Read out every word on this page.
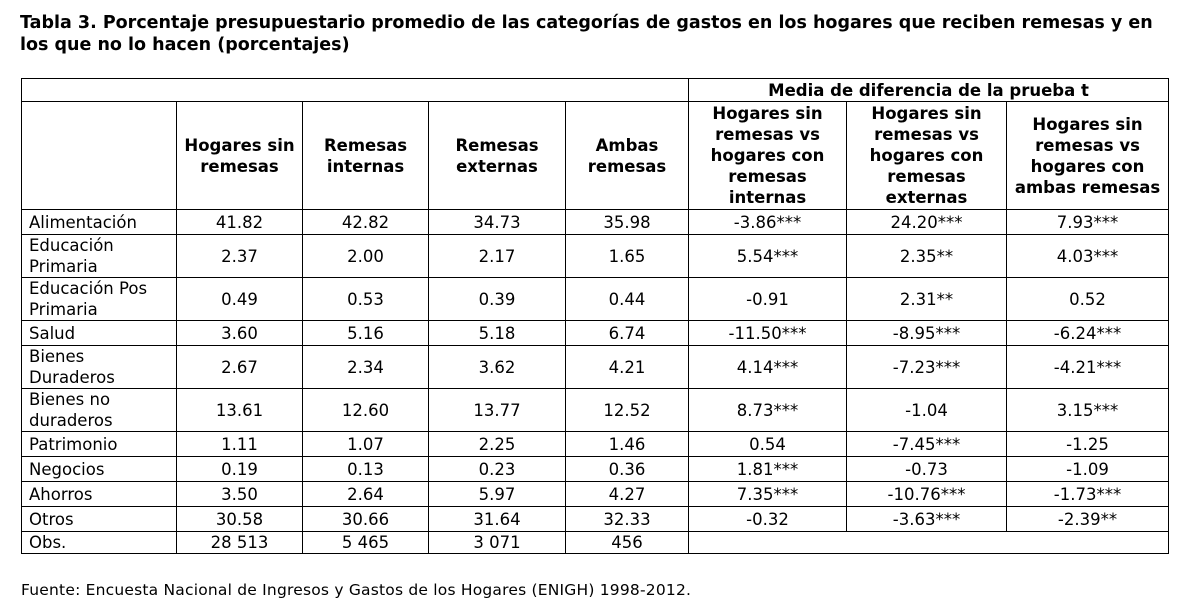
Tabla 3. Porcentaje presupuestario promedio de las categorías de gastos en los hogares que reciben remesas y en los que no lo hacen (porcentajes)
					Media de diferencia de la prueba t		
	Hogares sin remesas	Remesas internas	Remesas externas	Ambas remesas	Hogares sin remesas vs hogares con remesas internas	Hogares sin remesas vs hogares con remesas externas	Hogares sin remesas vs hogares con ambas remesas
Alimentación	41.82	42.82	34.73	35.98	-3.86***	24.20***	7.93***
Educación Primaria	2.37	2.00	2.17	1.65	5.54***	2.35**	4.03***
Educación Pos Primaria	0.49	0.53	0.39	0.44	-0.91	2.31**	0.52
Salud	3.60	5.16	5.18	6.74	-11.50***	-8.95***	-6.24***
Bienes Duraderos	2.67	2.34	3.62	4.21	4.14***	-7.23***	-4.21***
Bienes no duraderos	13.61	12.60	13.77	12.52	8.73***	-1.04	3.15***
Patrimonio	1.11	1.07	2.25	1.46	0.54	-7.45***	-1.25
Negocios	0.19	0.13	0.23	0.36	1.81***	-0.73	-1.09
Ahorros	3.50	2.64	5.97	4.27	7.35***	-10.76***	-1.73***
Otros	30.58	30.66	31.64	32.33	-0.32	-3.63***	-2.39**
Obs.	28 513	5 465	3 071	456			
Fuente: Encuesta Nacional de Ingresos y Gastos de los Hogares (ENIGH) 1998-2012.
